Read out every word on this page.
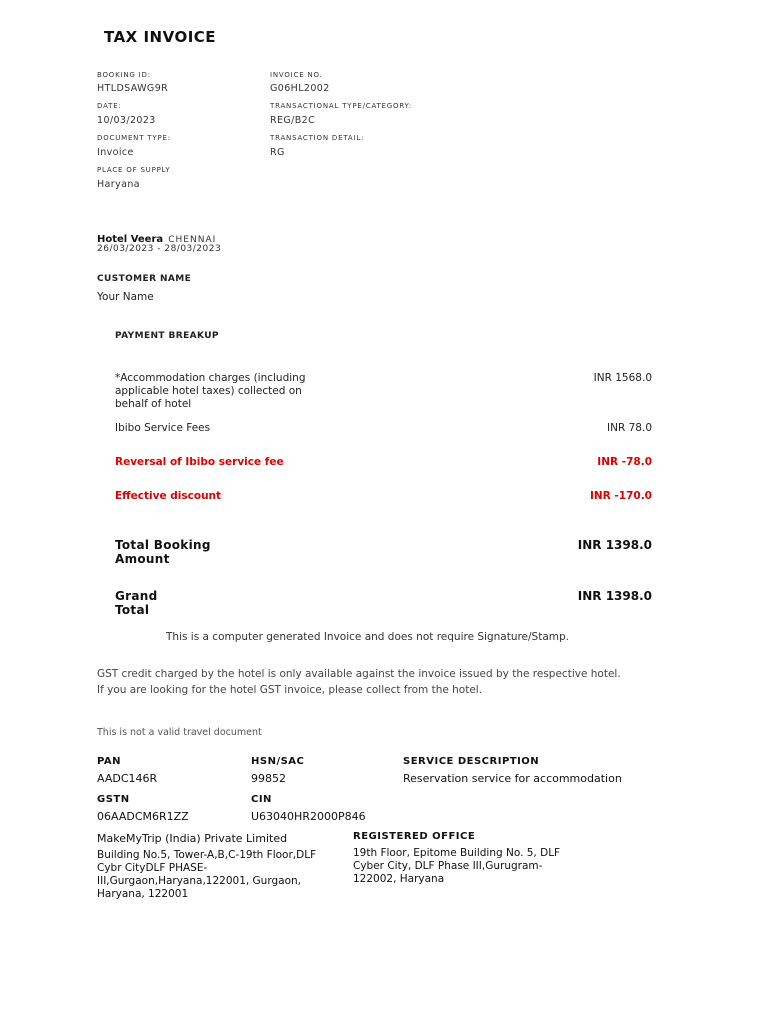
TAX INVOICE
BOOKING ID:
HTLDSAWG9R
INVOICE NO.
G06HL2002
DATE:
10/03/2023
TRANSACTIONAL TYPE/CATEGORY:
REG/B2C
DOCUMENT TYPE:
Invoice
TRANSACTION DETAIL:
RG
PLACE OF SUPPLY
Haryana
Hotel Veera CHENNAI
26/03/2023 - 28/03/2023
CUSTOMER NAME
Your Name
PAYMENT BREAKUP
*Accommodation charges (including applicable hotel taxes) collected on behalf of hotel
INR 1568.0
Ibibo Service Fees	INR 78.0
Reversal of Ibibo service fee	INR -78.0
Effective discount	INR -170.0
Total Booking Amount
INR 1398.0
Grand Total
INR 1398.0
This is a computer generated Invoice and does not require Signature/Stamp.
GST credit charged by the hotel is only available against the invoice issued by the respective hotel.
If you are looking for the hotel GST invoice, please collect from the hotel.
This is not a valid travel document
PAN
AADC146R
HSN/SAC
99852
SERVICE DESCRIPTION
Reservation service for accommodation
GSTN
06AADCM6R1ZZ
CIN
U63040HR2000P846
MakeMyTrip (India) Private Limited
Building No.5, Tower-A,B,C-19th Floor,DLF Cybr CityDLF PHASE-III,Gurgaon,Haryana,122001, Gurgaon, Haryana, 122001
REGISTERED OFFICE
19th Floor, Epitome Building No. 5, DLF Cyber City, DLF Phase III,Gurugram-122002, Haryana
